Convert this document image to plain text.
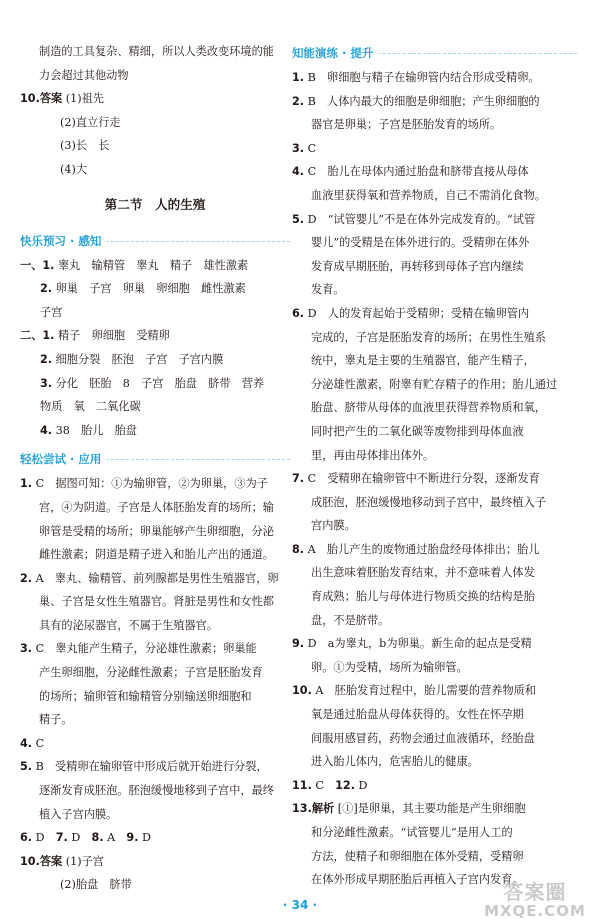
制造的工具复杂、精细，所以人类改变环境的能
力会超过其他动物
10.答案 (1)祖先
(2)直立行走
(3)长　长
(4)大
第二节　人的生殖
快乐预习 · 感知
一、1. 睾丸　输精管　睾丸　精子　雄性激素
2. 卵巢　子宫　卵巢　卵细胞　雌性激素
子宫
二、1. 精子　卵细胞　受精卵
2. 细胞分裂　胚泡　子宫　子宫内膜
3. 分化　胚胎　8　子宫　胎盘　脐带　营养
物质　氧　二氧化碳
4. 38　胎儿　胎盘
轻松尝试 · 应用
1. C　据图可知：①为输卵管，②为卵巢，③为子
宫，④为阴道。子宫是人体胚胎发育的场所；输
卵管是受精的场所；卵巢能够产生卵细胞，分泌
雌性激素；阴道是精子进入和胎儿产出的通道。
2. A　睾丸、输精管、前列腺都是男性生殖器官，卵
巢、子宫是女性生殖器官。肾脏是男性和女性都
具有的泌尿器官，不属于生殖器官。
3. C　睾丸能产生精子，分泌雄性激素；卵巢能
产生卵细胞，分泌雌性激素；子宫是胚胎发育
的场所；输卵管和输精管分别输送卵细胞和
精子。
4. C
5. B　受精卵在输卵管中形成后就开始进行分裂，
逐渐发育成胚泡。胚泡缓慢地移到子宫中，最终
植入子宫内膜。
6. D　7. D　8. A　9. D
10.答案 (1)子宫
(2)胎盘　脐带
知能演练 · 提升
1. B　卵细胞与精子在输卵管内结合形成受精卵。
2. B　人体内最大的细胞是卵细胞；产生卵细胞的
器官是卵巢；子宫是胚胎发育的场所。
3. C
4. C　胎儿在母体内通过胎盘和脐带直接从母体
血液里获得氧和营养物质，自己不需消化食物。
5. D　“试管婴儿”不是在体外完成发育的。“试管
婴儿”的受精是在体外进行的。受精卵在体外
发育成早期胚胎，再转移到母体子宫内继续
发育。
6. D　人的发育起始于受精卵；受精在输卵管内
完成的，子宫是胚胎发育的场所；在男性生殖系
统中，睾丸是主要的生殖器官，能产生精子，
分泌雄性激素，附睾有贮存精子的作用；胎儿通过
胎盘、脐带从母体的血液里获得营养物质和氧，
同时把产生的二氧化碳等废物排到母体血液
里，再由母体排出体外。
7. C　受精卵在输卵管中不断进行分裂，逐渐发育
成胚泡，胚泡缓慢地移动到子宫中，最终植入子
宫内膜。
8. A　胎儿产生的废物通过胎盘经母体排出；胎儿
出生意味着胚胎发育结束，并不意味着人体发
育成熟；胎儿与母体进行物质交换的结构是胎
盘，不是脐带。
9. D　a为睾丸，b为卵巢。新生命的起点是受精
卵。①为受精，场所为输卵管。
10. A　胚胎发育过程中，胎儿需要的营养物质和
氧是通过胎盘从母体获得的。女性在怀孕期
间服用感冒药，药物会通过血液循环，经胎盘
进入胎儿体内，危害胎儿的健康。
11. C　12. D
13.解析 [①]是卵巢，其主要功能是产生卵细胞
和分泌雌性激素。“试管婴儿”是用人工的
方法，使精子和卵细胞在体外受精，受精卵
在体外形成早期胚胎后再植入子宫内发育。
· 34 ·
答案圈
MXQE.COM
